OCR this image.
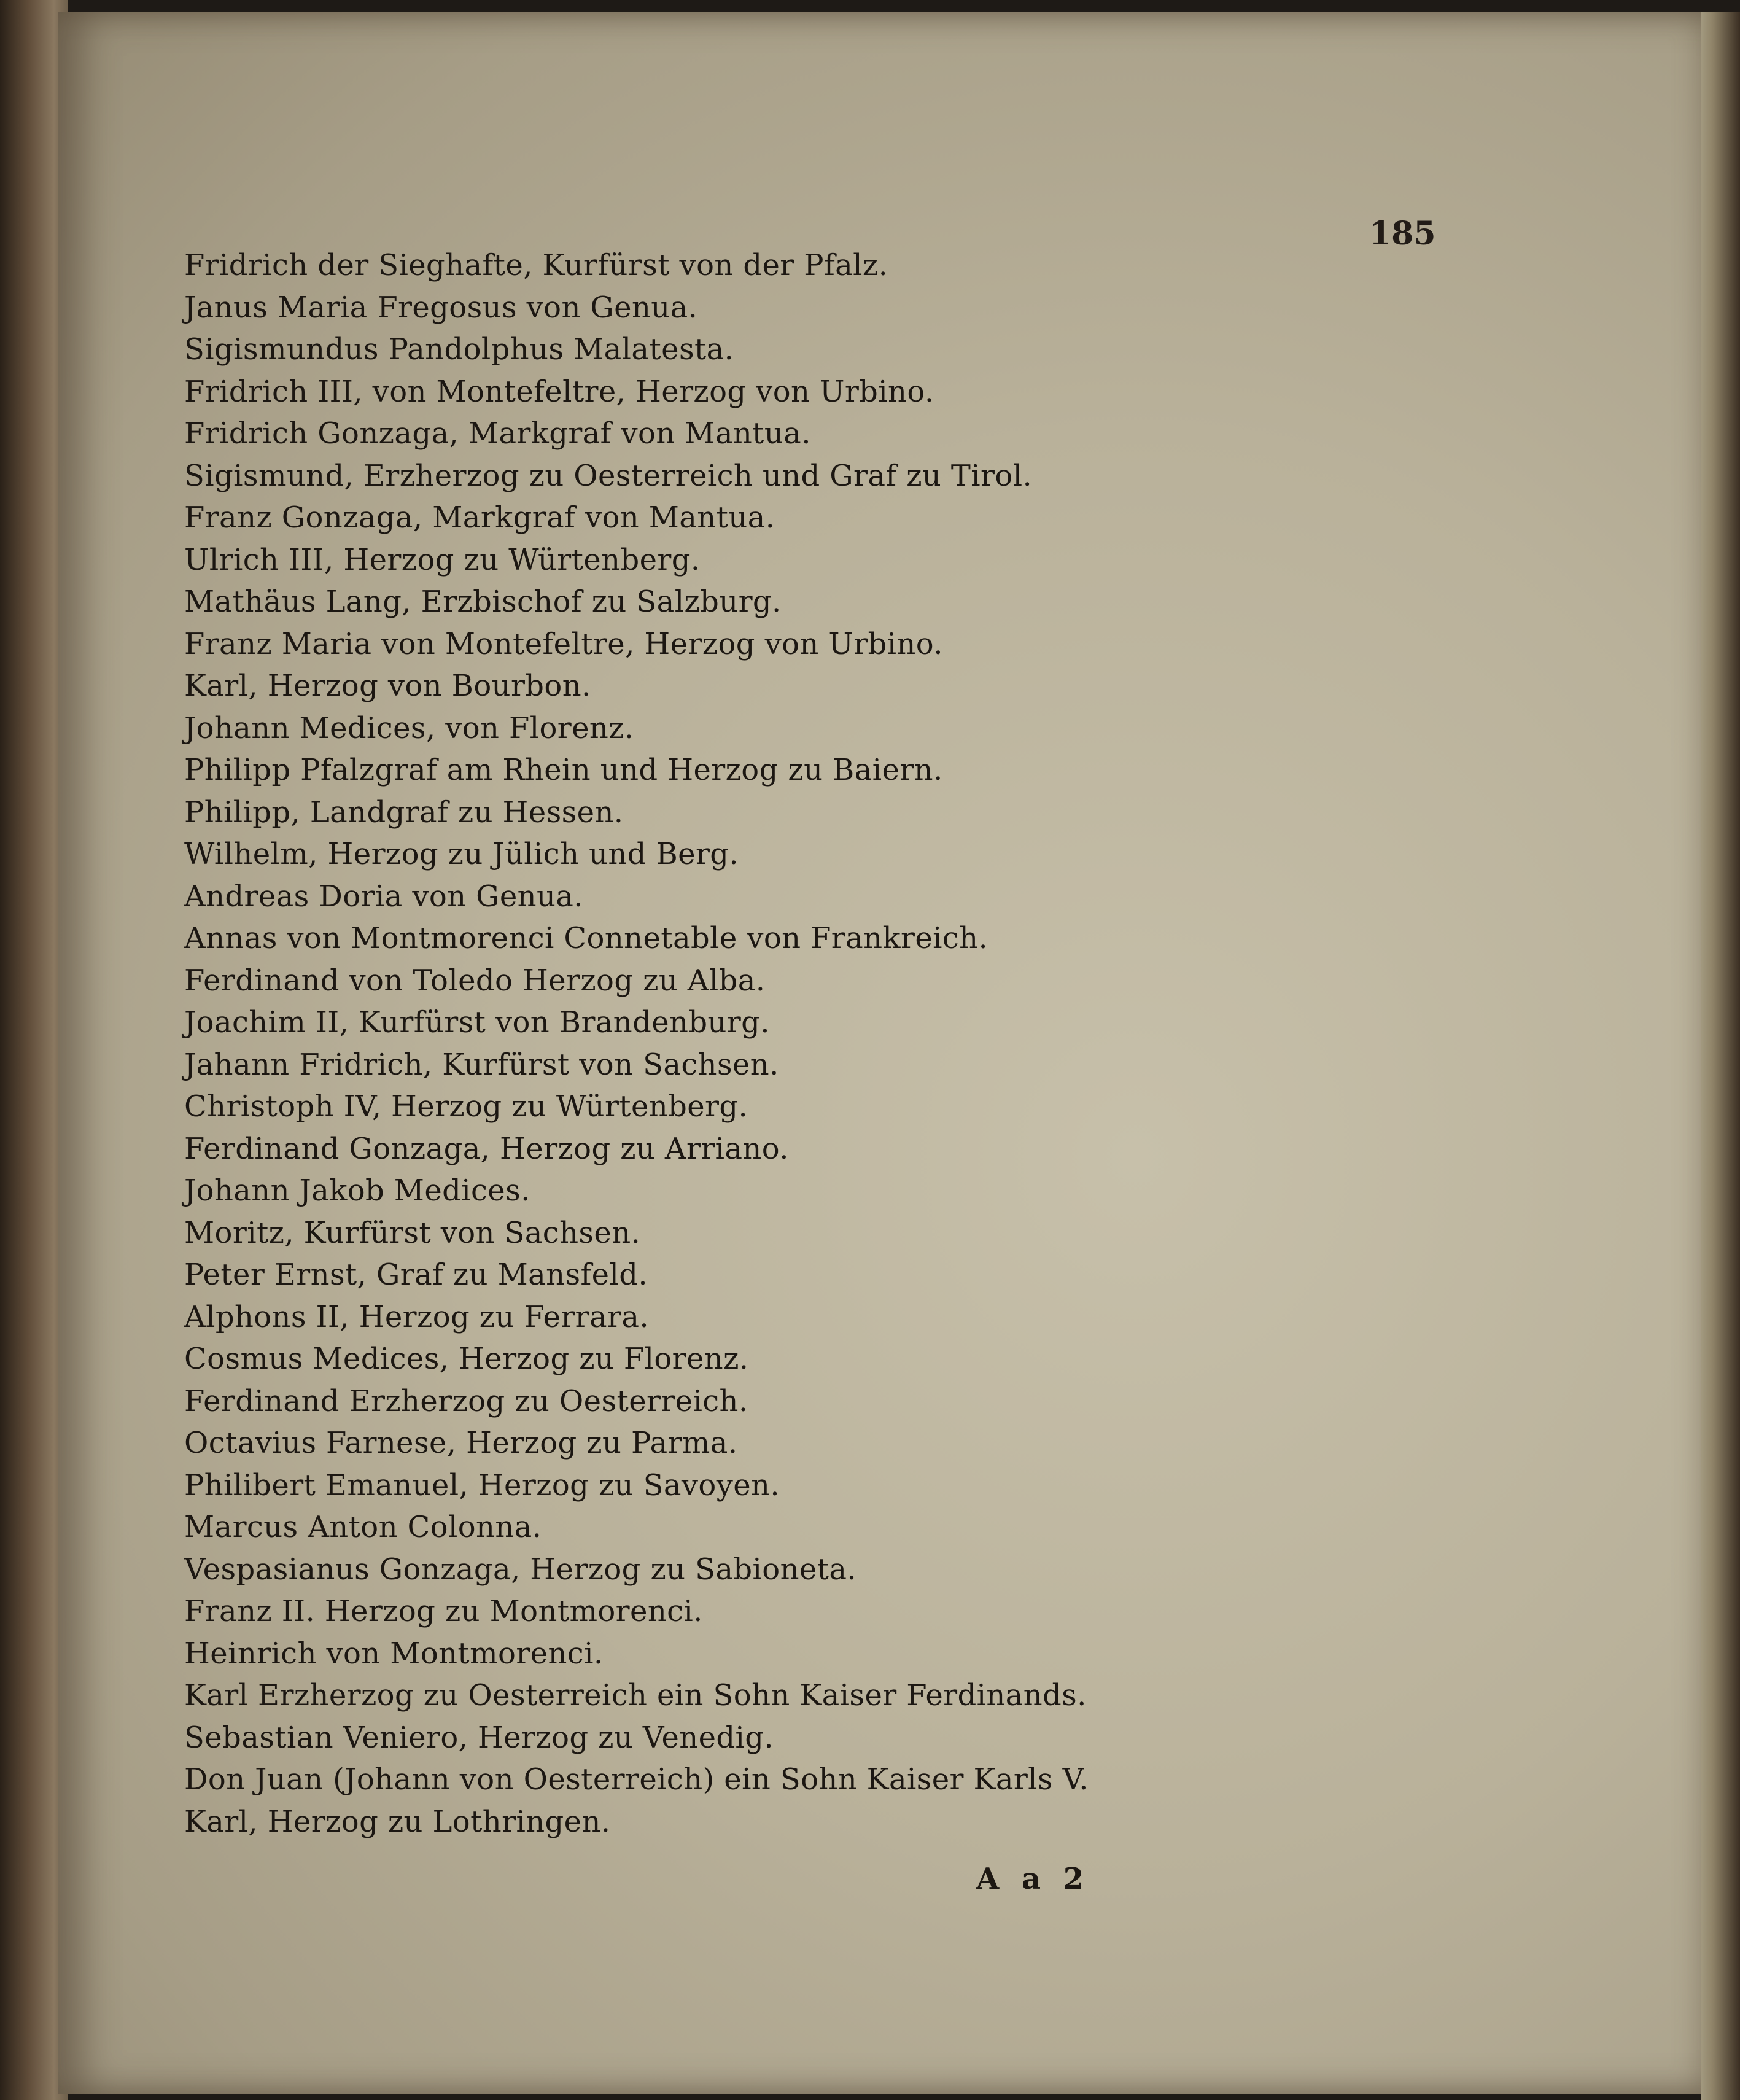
185
Fridrich der Sieghafte, Kurfürst von der Pfalz.
Janus Maria Fregosus von Genua.
Sigismundus Pandolphus Malatesta.
Fridrich III, von Montefeltre, Herzog von Urbino.
Fridrich Gonzaga, Markgraf von Mantua.
Sigismund, Erzherzog zu Oesterreich und Graf zu Tirol.
Franz Gonzaga, Markgraf von Mantua.
Ulrich III, Herzog zu Würtenberg.
Mathäus Lang, Erzbischof zu Salzburg.
Franz Maria von Montefeltre, Herzog von Urbino.
Karl, Herzog von Bourbon.
Johann Medices, von Florenz.
Philipp Pfalzgraf am Rhein und Herzog zu Baiern.
Philipp, Landgraf zu Hessen.
Wilhelm, Herzog zu Jülich und Berg.
Andreas Doria von Genua.
Annas von Montmorenci Connetable von Frankreich.
Ferdinand von Toledo Herzog zu Alba.
Joachim II, Kurfürst von Brandenburg.
Jahann Fridrich, Kurfürst von Sachsen.
Christoph IV, Herzog zu Würtenberg.
Ferdinand Gonzaga, Herzog zu Arriano.
Johann Jakob Medices.
Moritz, Kurfürst von Sachsen.
Peter Ernst, Graf zu Mansfeld.
Alphons II, Herzog zu Ferrara.
Cosmus Medices, Herzog zu Florenz.
Ferdinand Erzherzog zu Oesterreich.
Octavius Farnese, Herzog zu Parma.
Philibert Emanuel, Herzog zu Savoyen.
Marcus Anton Colonna.
Vespasianus Gonzaga, Herzog zu Sabioneta.
Franz II. Herzog zu Montmorenci.
Heinrich von Montmorenci.
Karl Erzherzog zu Oesterreich ein Sohn Kaiser Ferdinands.
Sebastian Veniero, Herzog zu Venedig.
Don Juan (Johann von Oesterreich) ein Sohn Kaiser Karls V.
Karl, Herzog zu Lothringen.
A a 2
